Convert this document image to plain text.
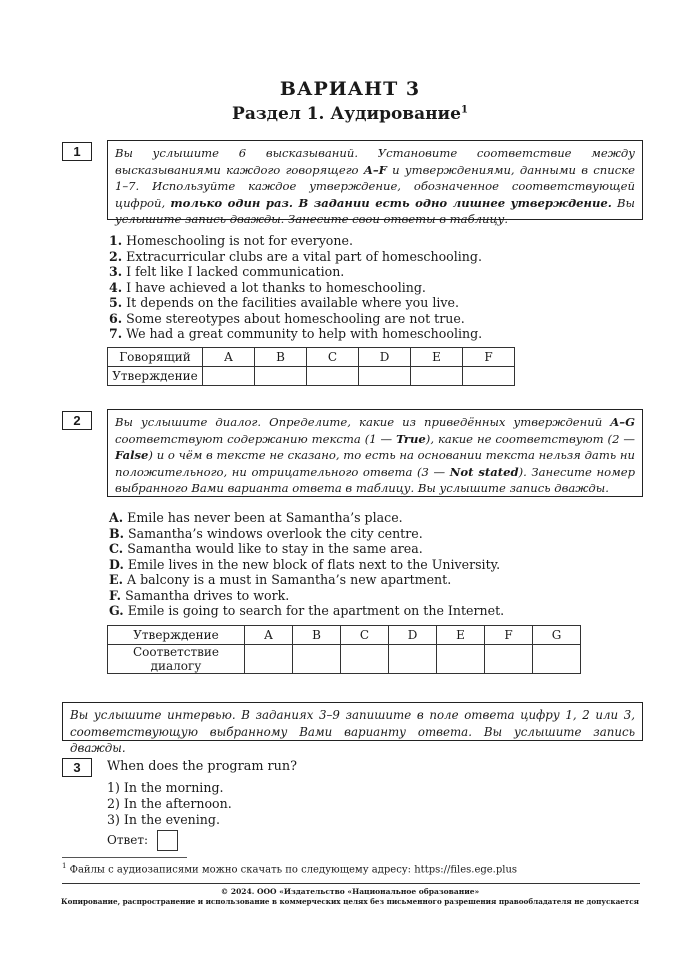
ВАРИАНТ 3
Раздел 1. Аудирование$^1$
1	Вы услышите 6 высказываний. Установите соответствие между высказываниями каждого говорящего A–F и утверждениями, данными в списке 1–7. Используйте каждое утверждение, обозначенное соответствующей цифрой, только один раз. В задании есть одно лишнее утверждение. Вы услышите запись дважды. Занесите свои ответы в таблицу.
1. Homeschooling is not for everyone.
2. Extracurricular clubs are a vital part of homeschooling.
3. I felt like I lacked communication.
4. I have achieved a lot thanks to homeschooling.
5. It depends on the facilities available where you live.
6. Some stereotypes about homeschooling are not true.
7. We had a great community to help with homeschooling.
Говорящий	A	B	C	D	E	F
Утверждение						
2	Вы услышите диалог. Определите, какие из приведённых утверждений A–G соответствуют содержанию текста (1 — True), какие не соответствуют (2 — False) и о чём в тексте не сказано, то есть на основании текста нельзя дать ни положительного, ни отрицательного ответа (3 — Not stated). Занесите номер выбранного Вами варианта ответа в таблицу. Вы услышите запись дважды.
A. Emile has never been at Samantha’s place.
B. Samantha’s windows overlook the city centre.
C. Samantha would like to stay in the same area.
D. Emile lives in the new block of flats next to the University.
E. A balcony is a must in Samantha’s new apartment.
F. Samantha drives to work.
G. Emile is going to search for the apartment on the Internet.
Утверждение	A	B	C	D	E	F	G
Соответствие диалогу							
Вы услышите интервью. В заданиях 3–9 запишите в поле ответа цифру 1, 2 или 3, соответствующую выбранному Вами варианту ответа. Вы услышите запись дважды.
3	When does the program run?
1) In the morning.
2) In the afternoon.
3) In the evening.
Ответ:
$^1$ Файлы с аудиозаписями можно скачать по следующему адресу: https://files.ege.plus
© 2024. ООО «Издательство «Национальное образование»
Копирование, распространение и использование в коммерческих целях без письменного разрешения правообладателя не допускается
